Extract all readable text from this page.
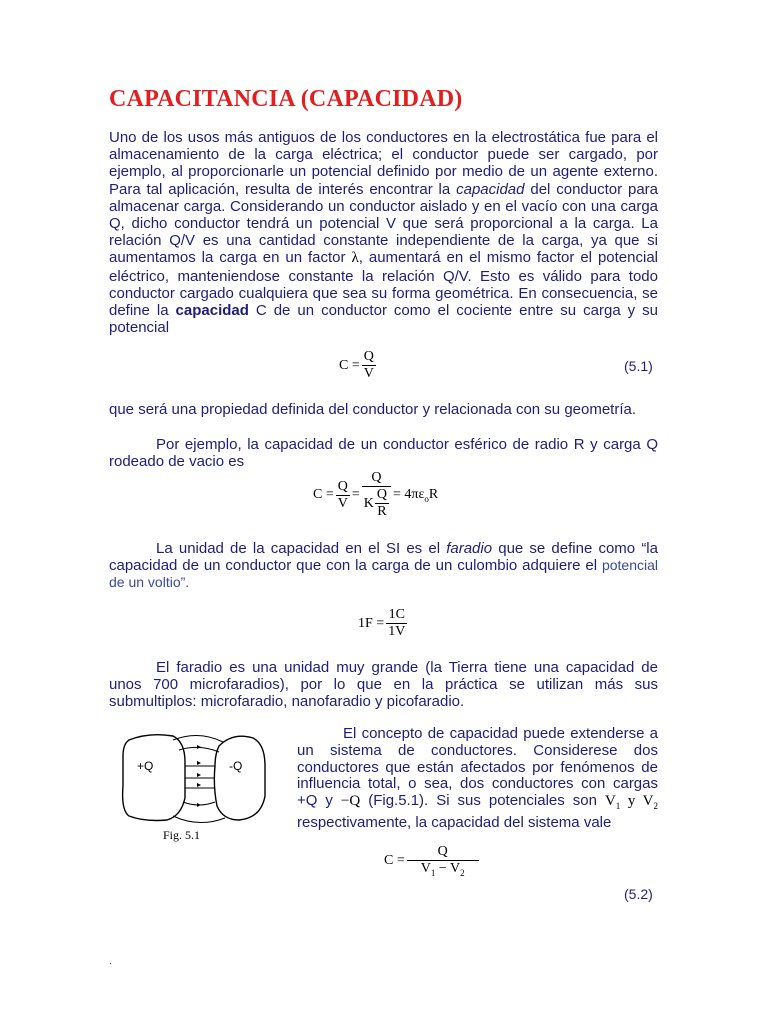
CAPACITANCIA (CAPACIDAD)

Uno de los usos más antiguos de los conductores en la electrostática fue para el almacenamiento de la carga eléctrica; el conductor puede ser cargado, por ejemplo, al proporcionarle un potencial definido por medio de un agente externo. Para tal aplicación, resulta de interés encontrar la capacidad del conductor para almacenar carga. Considerando un conductor aislado y en el vacío con una carga Q, dicho conductor tendrá un potencial V que será proporcional a la carga. La relación Q/V es una cantidad constante independiente de la carga, ya que si aumentamos la carga en un factor λ, aumentará en el mismo factor el potencial eléctrico, manteniendose constante la relación Q/V. Esto es válido para todo conductor cargado cualquiera que sea su forma geométrica. En consecuencia, se define la capacidad C de un conductor como el cociente entre su carga y su potencial

$C = \frac{Q}{V}$	(5.1)

que será una propiedad definida del conductor y relacionada con su geometría.

Por ejemplo, la capacidad de un conductor esférico de radio R y carga Q rodeado de vacio es

$C = \frac{Q}{V} = \frac{Q}{K \frac{Q}{R}} = 4\pi\varepsilon_oR$

La unidad de la capacidad en el SI es el faradio que se define como “la capacidad de un conductor que con la carga de un culombio adquiere el potencial de un voltio”.

$1F = \frac{1C}{1V}$

El faradio es una unidad muy grande (la Tierra tiene una capacidad de unos 700 microfaradios), por lo que en la práctica se utilizan más sus submultiplos: microfaradio, nanofaradio y picofaradio.

+Q	-Q
Fig. 5.1

El concepto de capacidad puede extenderse a un sistema de conductores. Considerese dos conductores que están afectados por fenómenos de influencia total, o sea, dos conductores con cargas +Q y −Q (Fig.5.1). Si sus potenciales son $V_1$ y $V_2$ respectivamente, la capacidad del sistema vale

$C = \frac{Q}{V_1 - V_2}$
(5.2)
.
